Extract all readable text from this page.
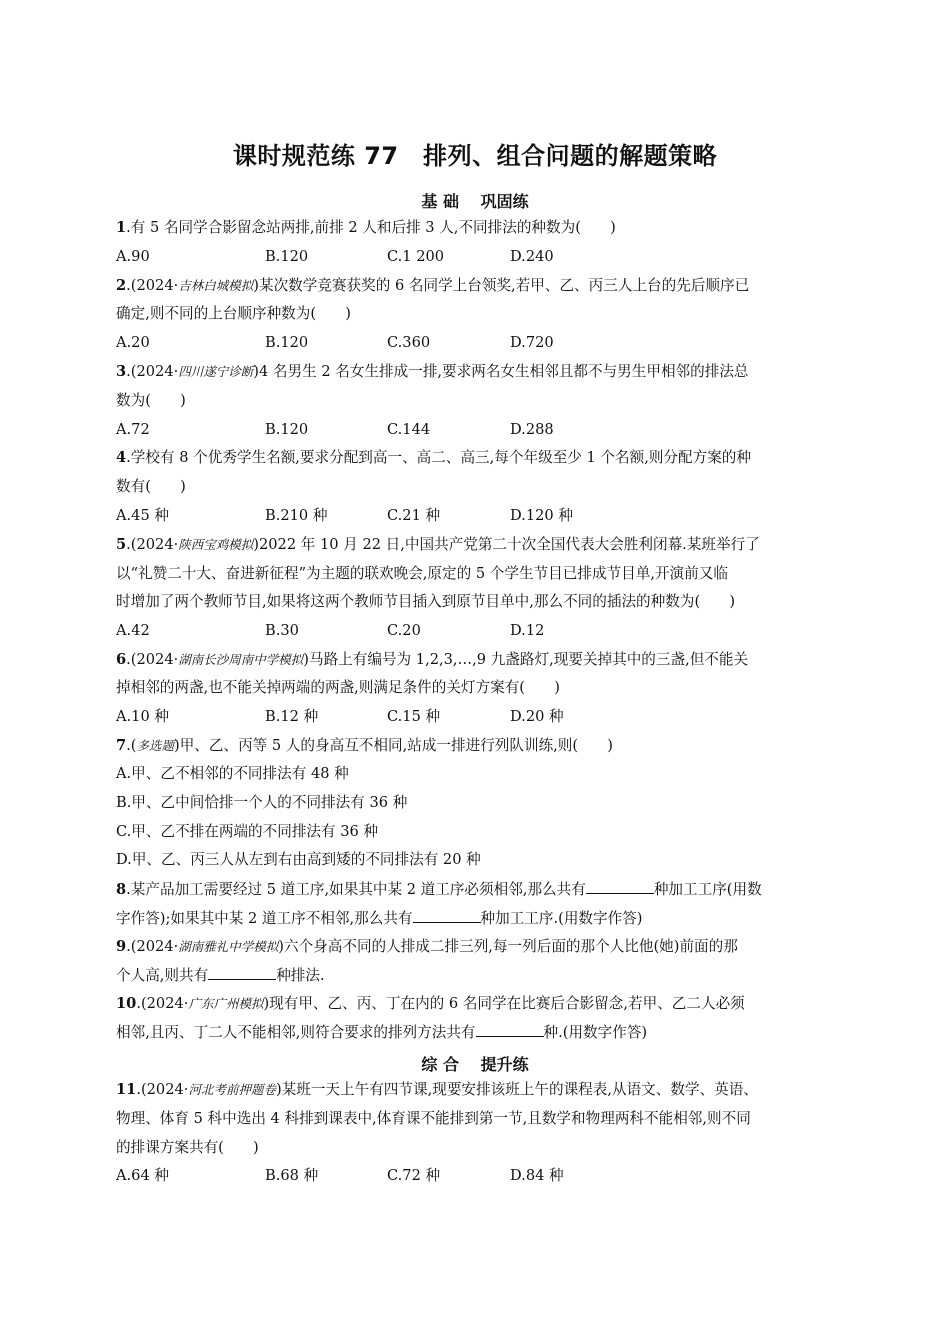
课时规范练 77　排列、组合问题的解题策略
基 础　 巩固练
1.有 5 名同学合影留念站两排,前排 2 人和后排 3 人,不同排法的种数为(　　)
A.90	B.120	C.1 200	D.240
2.(2024·吉林白城模拟)某次数学竞赛获奖的 6 名同学上台领奖,若甲、乙、丙三人上台的先后顺序已
确定,则不同的上台顺序种数为(　　)
A.20	B.120	C.360	D.720
3.(2024·四川遂宁诊断)4 名男生 2 名女生排成一排,要求两名女生相邻且都不与男生甲相邻的排法总
数为(　　)
A.72	B.120	C.144	D.288
4.学校有 8 个优秀学生名额,要求分配到高一、高二、高三,每个年级至少 1 个名额,则分配方案的种
数有(　　)
A.45 种	B.210 种	C.21 种	D.120 种
5.(2024·陕西宝鸡模拟)2022 年 10 月 22 日,中国共产党第二十次全国代表大会胜利闭幕.某班举行了
以“礼赞二十大、奋进新征程”为主题的联欢晚会,原定的 5 个学生节目已排成节目单,开演前又临
时增加了两个教师节目,如果将这两个教师节目插入到原节目单中,那么不同的插法的种数为(　　)
A.42	B.30	C.20	D.12
6.(2024·湖南长沙周南中学模拟)马路上有编号为 1,2,3,…,9 九盏路灯,现要关掉其中的三盏,但不能关
掉相邻的两盏,也不能关掉两端的两盏,则满足条件的关灯方案有(　　)
A.10 种	B.12 种	C.15 种	D.20 种
7.(多选题)甲、乙、丙等 5 人的身高互不相同,站成一排进行列队训练,则(　　)
A.甲、乙不相邻的不同排法有 48 种
B.甲、乙中间恰排一个人的不同排法有 36 种
C.甲、乙不排在两端的不同排法有 36 种
D.甲、乙、丙三人从左到右由高到矮的不同排法有 20 种
8.某产品加工需要经过 5 道工序,如果其中某 2 道工序必须相邻,那么共有	种加工工序(用数
字作答);如果其中某 2 道工序不相邻,那么共有	种加工工序.(用数字作答)
9.(2024·湖南雅礼中学模拟)六个身高不同的人排成二排三列,每一列后面的那个人比他(她)前面的那
个人高,则共有	种排法.
10.(2024·广东广州模拟)现有甲、乙、丙、丁在内的 6 名同学在比赛后合影留念,若甲、乙二人必须
相邻,且丙、丁二人不能相邻,则符合要求的排列方法共有	种.(用数字作答)
综 合　 提升练
11.(2024·河北考前押题卷)某班一天上午有四节课,现要安排该班上午的课程表,从语文、数学、英语、
物理、体育 5 科中选出 4 科排到课表中,体育课不能排到第一节,且数学和物理两科不能相邻,则不同
的排课方案共有(　　)
A.64 种	B.68 种	C.72 种	D.84 种
